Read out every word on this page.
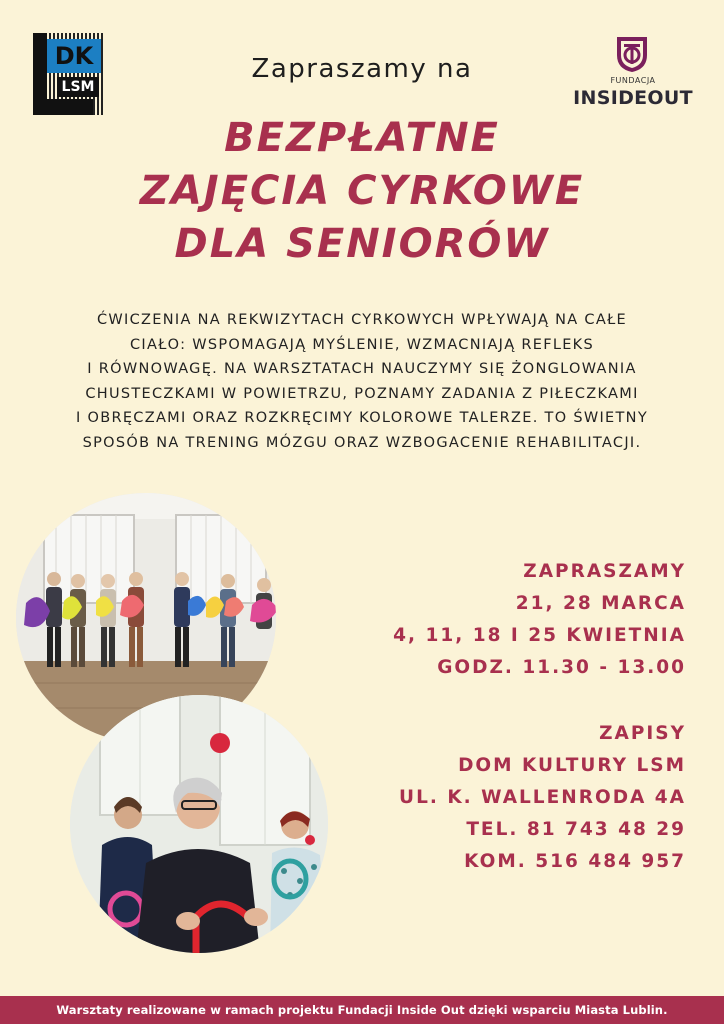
DK
LSM	FUNDACJA
INSIDEOUT
Zapraszamy na
BEZPŁATNE
ZAJĘCIA CYRKOWE
DLA SENIORÓW
ĆWICZENIA NA REKWIZYTACH CYRKOWYCH WPŁYWAJĄ NA CAŁE
CIAŁO: WSPOMAGAJĄ MYŚLENIE, WZMACNIAJĄ REFLEKS
I RÓWNOWAGĘ. NA WARSZTATACH NAUCZYMY SIĘ ŻONGLOWANIA
CHUSTECZKAMI W POWIETRZU, POZNAMY ZADANIA Z PIŁECZKAMI
I OBRĘCZAMI ORAZ ROZKRĘCIMY KOLOROWE TALERZE. TO ŚWIETNY
SPOSÓB NA TRENING MÓZGU ORAZ WZBOGACENIE REHABILITACJI.
ZAPRASZAMY
21, 28 MARCA
4, 11, 18 I 25 KWIETNIA
GODZ. 11.30 - 13.00
ZAPISY
DOM KULTURY LSM
UL. K. WALLENRODA 4A
TEL. 81 743 48 29
KOM. 516 484 957
Warsztaty realizowane w ramach projektu Fundacji Inside Out dzięki wsparciu Miasta Lublin.
